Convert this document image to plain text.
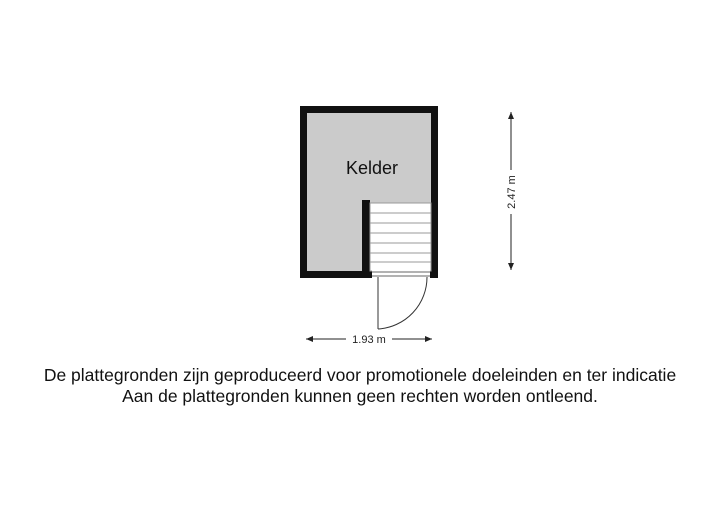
Kelder
1.93 m
2.47 m
De plattegronden zijn geproduceerd voor promotionele doeleinden en ter indicatie
Aan de plattegronden kunnen geen rechten worden ontleend.
